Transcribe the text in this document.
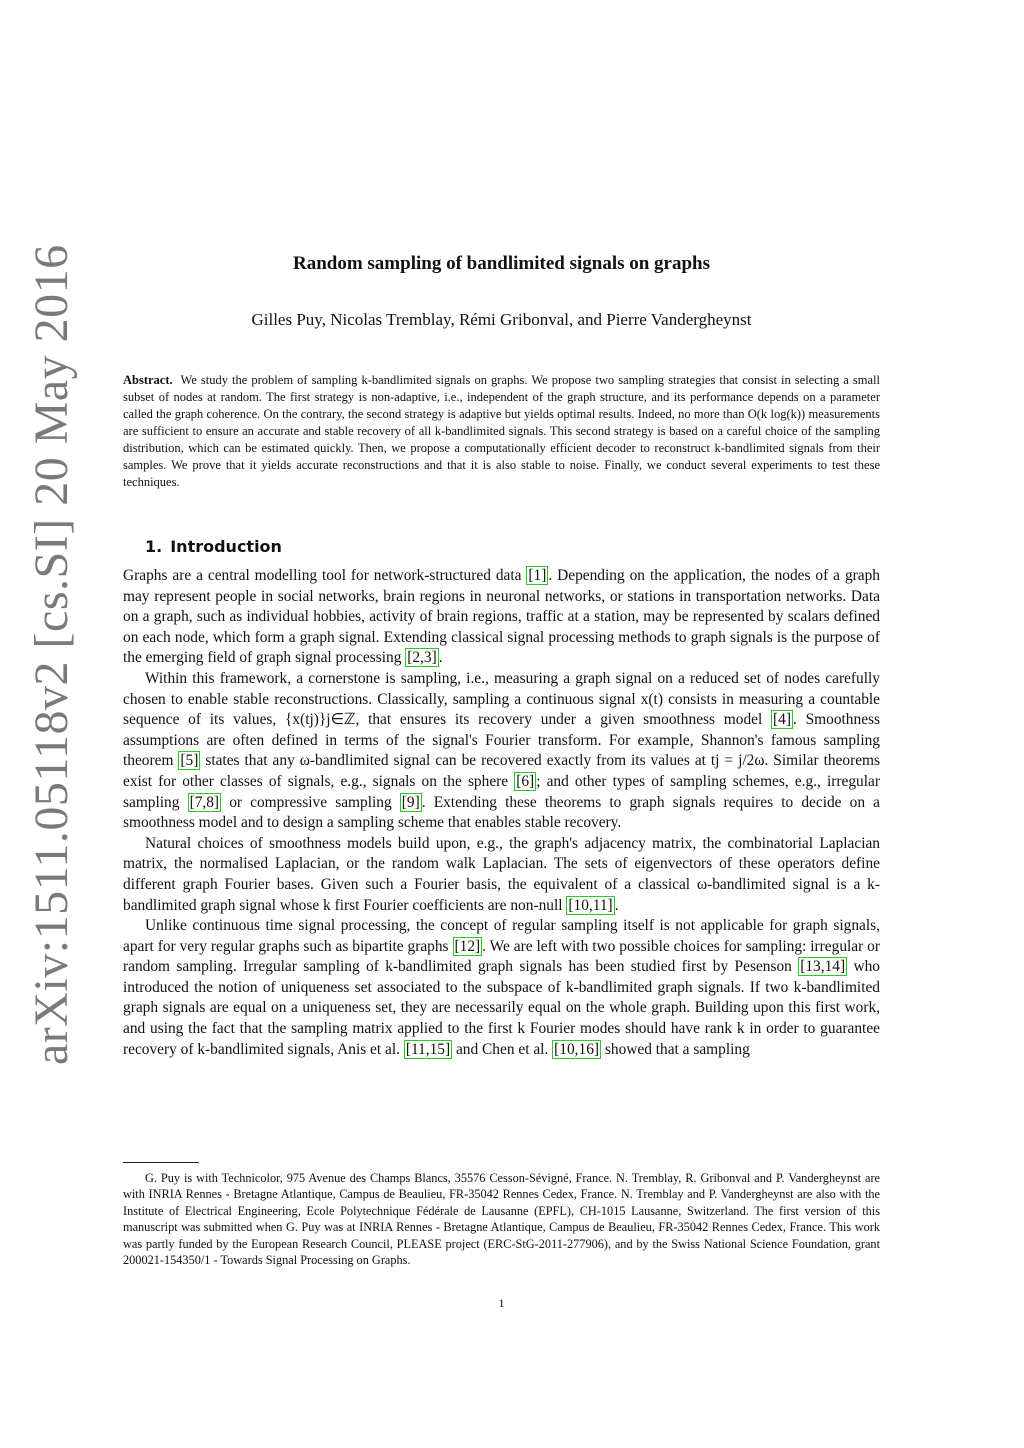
arXiv:1511.05118v2 [cs.SI] 20 May 2016	Random sampling of bandlimited signals on graphs
Gilles Puy, Nicolas Tremblay, Rémi Gribonval, and Pierre Vandergheynst
Abstract. We study the problem of sampling k-bandlimited signals on graphs. We propose two sampling strategies that consist in selecting a small subset of nodes at random. The first strategy is non-adaptive, i.e., independent of the graph structure, and its performance depends on a parameter called the graph coherence. On the contrary, the second strategy is adaptive but yields optimal results. Indeed, no more than O(k log(k)) measurements are sufficient to ensure an accurate and stable recovery of all k-bandlimited signals. This second strategy is based on a careful choice of the sampling distribution, which can be estimated quickly. Then, we propose a computationally efficient decoder to reconstruct k-bandlimited signals from their samples. We prove that it yields accurate reconstructions and that it is also stable to noise. Finally, we conduct several experiments to test these techniques.
1. Introduction

Graphs are a central modelling tool for network-structured data [1] . Depending on the application, the nodes of a graph may represent people in social networks, brain regions in neuronal networks, or stations in transportation networks. Data on a graph, such as individual hobbies, activity of brain regions, traffic at a station, may be represented by scalars defined on each node, which form a graph signal. Extending classical signal processing methods to graph signals is the purpose of the emerging field of graph signal processing [2,3] .

Within this framework, a cornerstone is sampling, i.e., measuring a graph signal on a reduced set of nodes carefully chosen to enable stable reconstructions. Classically, sampling a continuous signal x(t) consists in measuring a countable sequence of its values, {x(tj)}j∈ℤ, that ensures its recovery under a given smoothness model [4] . Smoothness assumptions are often defined in terms of the signal's Fourier transform. For example, Shannon's famous sampling theorem [5] states that any ω-bandlimited signal can be recovered exactly from its values at tj = j/2ω. Similar theorems exist for other classes of signals, e.g., signals on the sphere [6] ; and other types of sampling schemes, e.g., irregular sampling [7,8] or compressive sampling [9] . Extending these theorems to graph signals requires to decide on a smoothness model and to design a sampling scheme that enables stable recovery.

Natural choices of smoothness models build upon, e.g., the graph's adjacency matrix, the combinatorial Laplacian matrix, the normalised Laplacian, or the random walk Laplacian. The sets of eigenvectors of these operators define different graph Fourier bases. Given such a Fourier basis, the equivalent of a classical ω-bandlimited signal is a k-bandlimited graph signal whose k first Fourier coefficients are non-null [10,11] .

Unlike continuous time signal processing, the concept of regular sampling itself is not applicable for graph signals, apart for very regular graphs such as bipartite graphs [12] . We are left with two possible choices for sampling: irregular or random sampling. Irregular sampling of k-bandlimited graph signals has been studied first by Pesenson [13,14] who introduced the notion of uniqueness set associated to the subspace of k-bandlimited graph signals. If two k-bandlimited graph signals are equal on a uniqueness set, they are necessarily equal on the whole graph. Building upon this first work, and using the fact that the sampling matrix applied to the first k Fourier modes should have rank k in order to guarantee recovery of k-bandlimited signals, Anis et al. [11,15] and Chen et al. [10,16] showed that a sampling

G. Puy is with Technicolor, 975 Avenue des Champs Blancs, 35576 Cesson-Sévigné, France. N. Tremblay, R. Gribonval and P. Vandergheynst are with INRIA Rennes - Bretagne Atlantique, Campus de Beaulieu, FR-35042 Rennes Cedex, France. N. Tremblay and P. Vandergheynst are also with the Institute of Electrical Engineering, Ecole Polytechnique Fédérale de Lausanne (EPFL), CH-1015 Lausanne, Switzerland. The first version of this manuscript was submitted when G. Puy was at INRIA Rennes - Bretagne Atlantique, Campus de Beaulieu, FR-35042 Rennes Cedex, France. This work was partly funded by the European Research Council, PLEASE project (ERC-StG-2011-277906), and by the Swiss National Science Foundation, grant 200021-154350/1 - Towards Signal Processing on Graphs.
1
